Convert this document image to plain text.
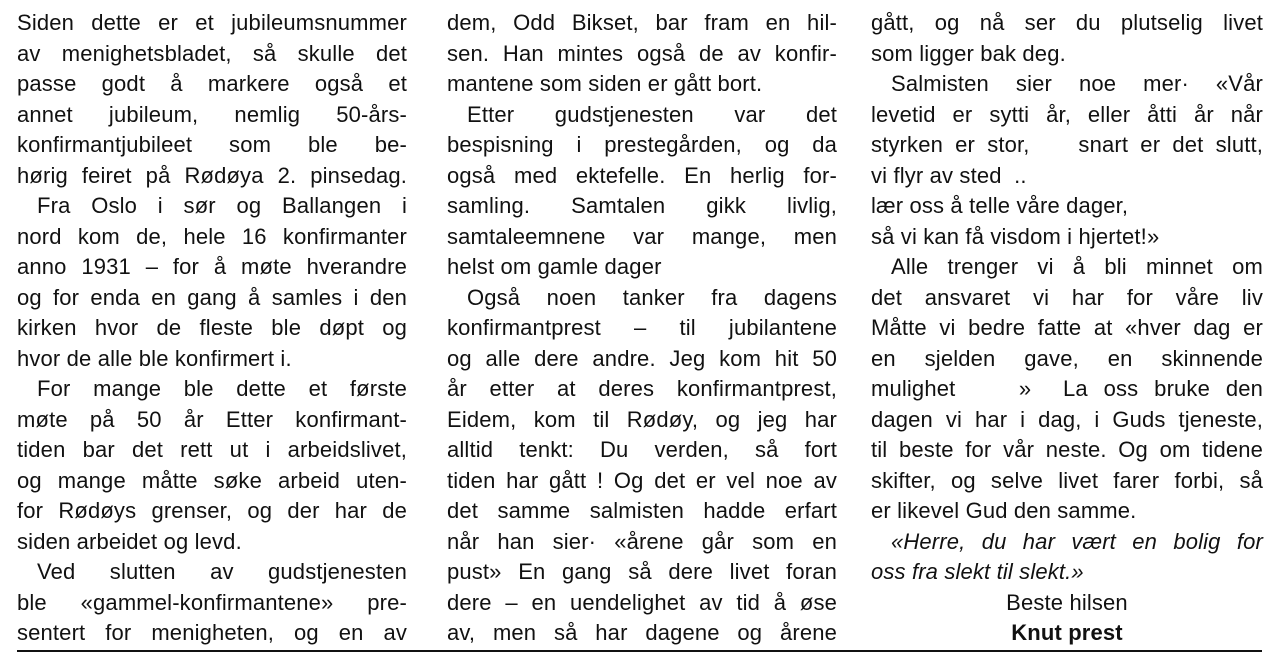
Siden dette er et jubileumsnummer
av menighetsbladet, så skulle det
passe godt å markere også et
annet jubileum, nemlig 50-års-
konfirmantjubileet som ble be-
hørig feiret på Rødøya 2. pinsedag.
Fra Oslo i sør og Ballangen i
nord kom de, hele 16 konfirmanter
anno 1931 – for å møte hverandre
og for enda en gang å samles i den
kirken hvor de fleste ble døpt og
hvor de alle ble konfirmert i.
For mange ble dette et første
møte på 50 år Etter konfirmant-
tiden bar det rett ut i arbeidslivet,
og mange måtte søke arbeid uten-
for Rødøys grenser, og der har de
siden arbeidet og levd.
Ved slutten av gudstjenesten
ble «gammel-konfirmantene» pre-
sentert for menigheten, og en av
dem, Odd Bikset, bar fram en hil-
sen. Han mintes også de av konfir-
mantene som siden er gått bort.
Etter gudstjenesten var det
bespisning i prestegården, og da
også med ektefelle. En herlig for-
samling. Samtalen gikk livlig,
samtaleemnene var mange, men
helst om gamle dager
Også noen tanker fra dagens
konfirmantprest – til jubilantene
og alle dere andre. Jeg kom hit 50
år etter at deres konfirmantprest,
Eidem, kom til Rødøy, og jeg har
alltid tenkt: Du verden, så fort
tiden har gått ! Og det er vel noe av
det samme salmisten hadde erfart
når han sier· «årene går som en
pust» En gang så dere livet foran
dere – en uendelighet av tid å øse
av, men så har dagene og årene
gått, og nå ser du plutselig livet
som ligger bak deg.
Salmisten sier noe mer· «Vår
levetid er sytti år, eller åtti år når
styrken er stor,    snart er det slutt,
vi flyr av sted  ..
lær oss å telle våre dager,
så vi kan få visdom i hjertet!»
Alle trenger vi å bli minnet om
det ansvaret vi har for våre liv
Måtte vi bedre fatte at «hver dag er
en sjelden gave, en skinnende
mulighet    »  La oss bruke den
dagen vi har i dag, i Guds tjeneste,
til beste for vår neste. Og om tidene
skifter, og selve livet farer forbi, så
er likevel Gud den samme.
«Herre, du har vært en bolig for
oss fra slekt til slekt.»
Beste hilsen
Knut prest
